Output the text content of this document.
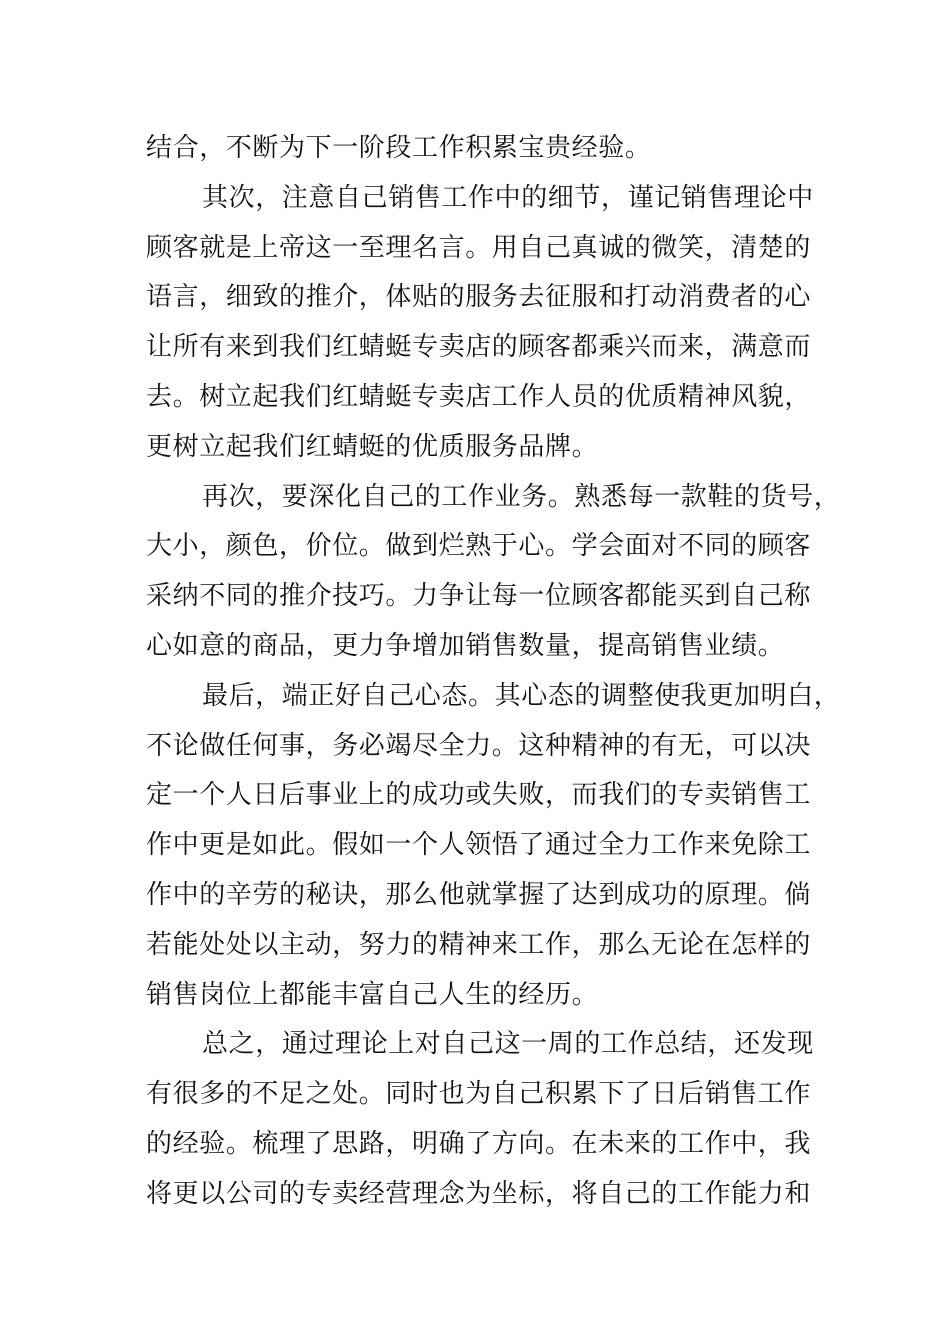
结合，不断为下一阶段工作积累宝贵经验。
其次，注意自己销售工作中的细节，谨记销售理论中
顾客就是上帝这一至理名言。用自己真诚的微笑，清楚的
语言，细致的推介，体贴的服务去征服和打动消费者的心
让所有来到我们红蜻蜓专卖店的顾客都乘兴而来，满意而
去。树立起我们红蜻蜓专卖店工作人员的优质精神风貌，
更树立起我们红蜻蜓的优质服务品牌。
再次，要深化自己的工作业务。熟悉每一款鞋的货号，
大小，颜色，价位。做到烂熟于心。学会面对不同的顾客
采纳不同的推介技巧。力争让每一位顾客都能买到自己称
心如意的商品，更力争增加销售数量，提高销售业绩。
最后，端正好自己心态。其心态的调整使我更加明白，
不论做任何事，务必竭尽全力。这种精神的有无，可以决
定一个人日后事业上的成功或失败，而我们的专卖销售工
作中更是如此。假如一个人领悟了通过全力工作来免除工
作中的辛劳的秘诀，那么他就掌握了达到成功的原理。倘
若能处处以主动，努力的精神来工作，那么无论在怎样的
销售岗位上都能丰富自己人生的经历。
总之，通过理论上对自己这一周的工作总结，还发现
有很多的不足之处。同时也为自己积累下了日后销售工作
的经验。梳理了思路，明确了方向。在未来的工作中，我
将更以公司的专卖经营理念为坐标，将自己的工作能力和
